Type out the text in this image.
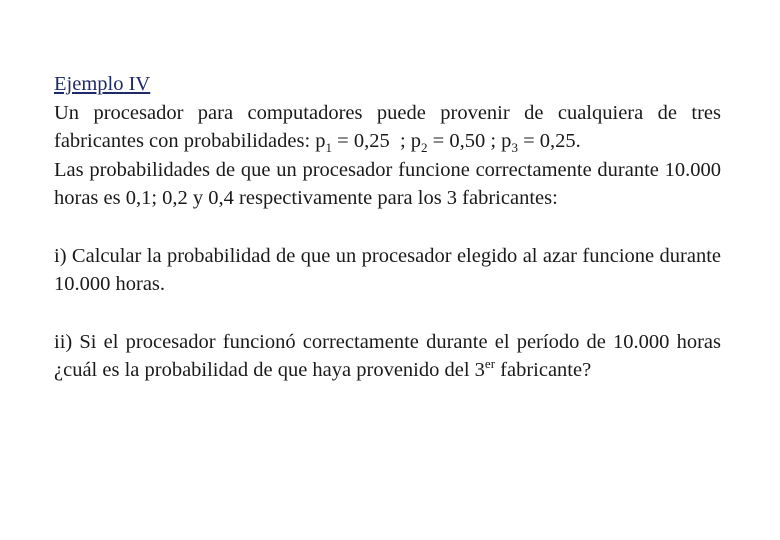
Ejemplo IV

Un procesador para computadores puede provenir de cualquiera de tres fabricantes con probabilidades: $p_1 = 0,25$  ; $p_2 = 0,50$ ; $p_3 = 0,25$.

Las probabilidades de que un procesador funcione correctamente durante 10.000 horas es 0,1; 0,2 y 0,4 respectivamente para los 3 fabricantes:

i) Calcular la probabilidad de que un procesador elegido al azar funcione durante 10.000 horas.

ii) Si el procesador funcionó correctamente durante el período de 10.000 horas ¿cuál es la probabilidad de que haya provenido del 3er fabricante?
